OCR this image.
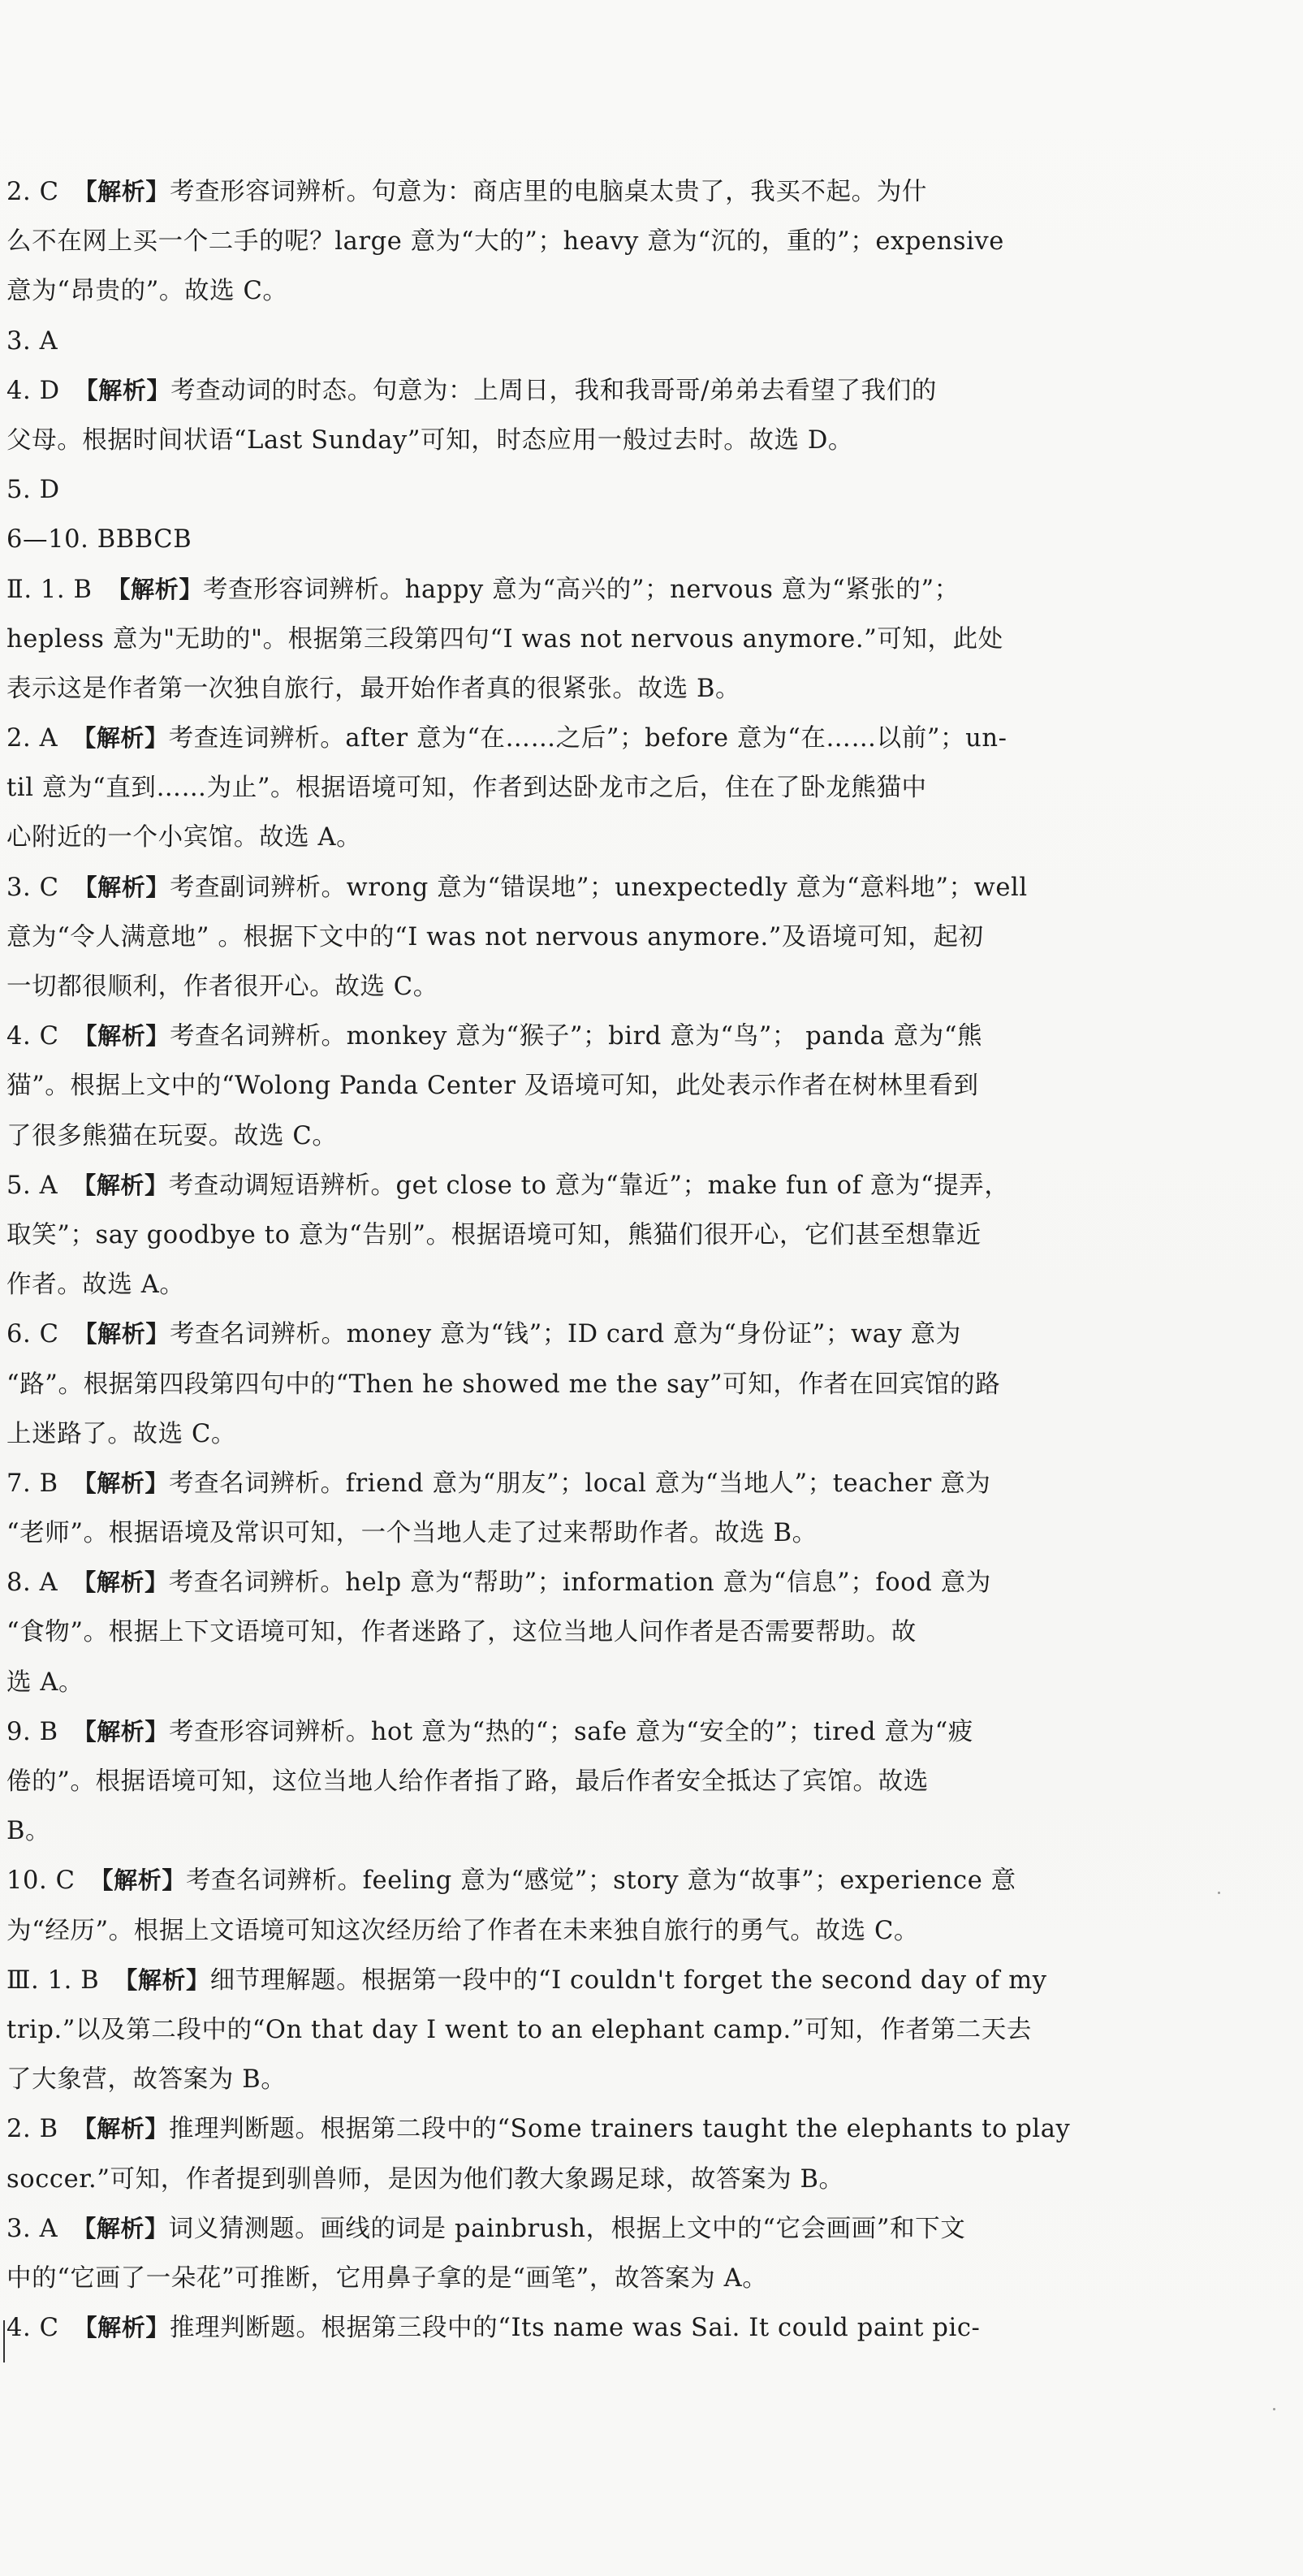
2. C 【解析】考查形容词辨析。句意为：商店里的电脑桌太贵了，我买不起。为什
么不在网上买一个二手的呢？large 意为“大的”；heavy 意为“沉的，重的”；expensive
意为“昂贵的”。故选 C。
3. A
4. D 【解析】考查动词的时态。句意为：上周日，我和我哥哥/弟弟去看望了我们的
父母。根据时间状语“Last Sunday”可知，时态应用一般过去时。故选 D。
5. D
6—10. BBBCB
Ⅱ. 1. B 【解析】考查形容词辨析。happy 意为“高兴的”；nervous 意为“紧张的”；
hepless 意为"无助的"。根据第三段第四句“I was not nervous anymore.”可知，此处
表示这是作者第一次独自旅行，最开始作者真的很紧张。故选 B。
2. A 【解析】考查连词辨析。after 意为“在……之后”；before 意为“在……以前”；un-
til 意为“直到……为止”。根据语境可知，作者到达卧龙市之后，住在了卧龙熊猫中
心附近的一个小宾馆。故选 A。
3. C 【解析】考查副词辨析。wrong 意为“错误地”；unexpectedly 意为“意料地”；well
意为“令人满意地” 。根据下文中的“I was not nervous anymore.”及语境可知，起初
一切都很顺利，作者很开心。故选 C。
4. C 【解析】考查名词辨析。monkey 意为“猴子”；bird 意为“鸟”； panda 意为“熊
猫”。根据上文中的“Wolong Panda Center 及语境可知，此处表示作者在树林里看到
了很多熊猫在玩耍。故选 C。
5. A 【解析】考查动调短语辨析。get close to 意为“靠近”；make fun of 意为“提弄，
取笑”；say goodbye to 意为“告别”。根据语境可知，熊猫们很开心，它们甚至想靠近
作者。故选 A。
6. C 【解析】考查名词辨析。money 意为“钱”；ID card 意为“身份证”；way 意为
“路”。根据第四段第四句中的“Then he showed me the say”可知，作者在回宾馆的路
上迷路了。故选 C。
7. B 【解析】考查名词辨析。friend 意为“朋友”；local 意为“当地人”；teacher 意为
“老师”。根据语境及常识可知，一个当地人走了过来帮助作者。故选 B。
8. A 【解析】考查名词辨析。help 意为“帮助”；information 意为“信息”；food 意为
“食物”。根据上下文语境可知，作者迷路了，这位当地人问作者是否需要帮助。故
选 A。
9. B 【解析】考查形容词辨析。hot 意为“热的“；safe 意为“安全的”；tired 意为“疲
倦的”。根据语境可知，这位当地人给作者指了路，最后作者安全抵达了宾馆。故选
B。
10. C 【解析】考查名词辨析。feeling 意为“感觉”；story 意为“故事”；experience 意
为“经历”。根据上文语境可知这次经历给了作者在未来独自旅行的勇气。故选 C。
Ⅲ. 1. B 【解析】细节理解题。根据第一段中的“I couldn't forget the second day of my
trip.”以及第二段中的“On that day I went to an elephant camp.”可知，作者第二天去
了大象营，故答案为 B。
2. B 【解析】推理判断题。根据第二段中的“Some trainers taught the elephants to play
soccer.”可知，作者提到驯兽师，是因为他们教大象踢足球，故答案为 B。
3. A 【解析】词义猜测题。画线的词是 painbrush，根据上文中的“它会画画”和下文
中的“它画了一朵花”可推断，它用鼻子拿的是“画笔”，故答案为 A。
4. C 【解析】推理判断题。根据第三段中的“Its name was Sai. It could paint pic-
